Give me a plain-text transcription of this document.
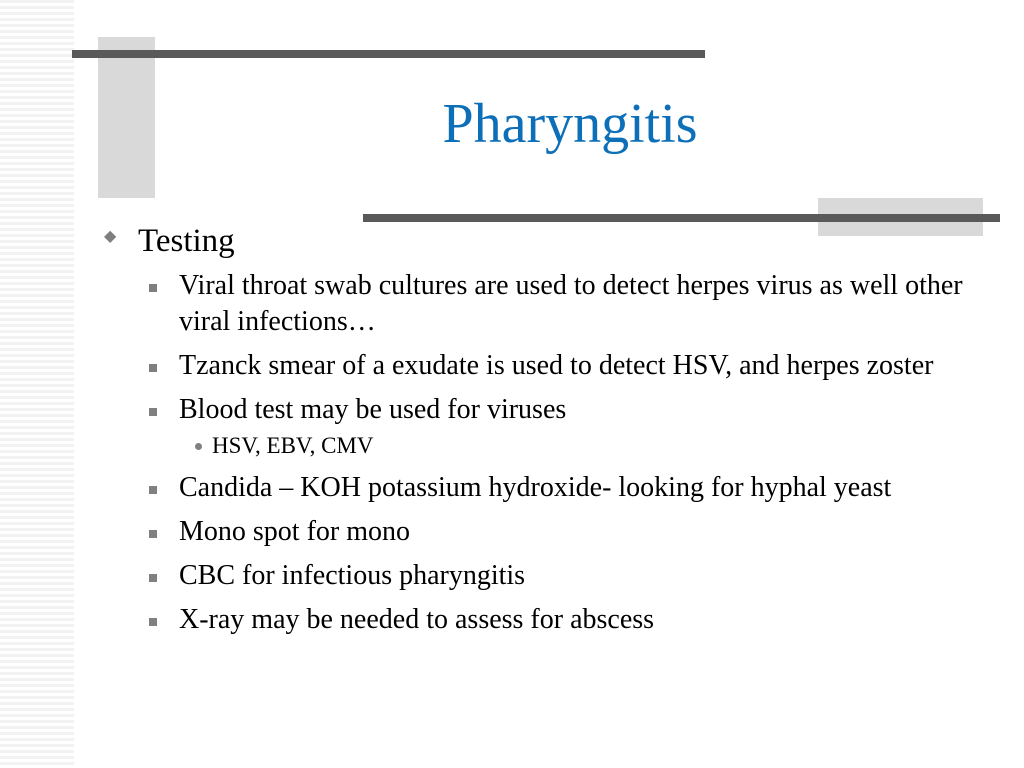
Pharyngitis
◆ Testing
Viral throat swab cultures are used to detect herpes virus as well other viral infections…
Tzanck smear of a exudate is used to detect HSV, and herpes zoster
Blood test may be used for viruses
HSV, EBV, CMV
Candida – KOH potassium hydroxide- looking for hyphal yeast
Mono spot for mono
CBC for infectious pharyngitis
X-ray may be needed to assess for abscess
